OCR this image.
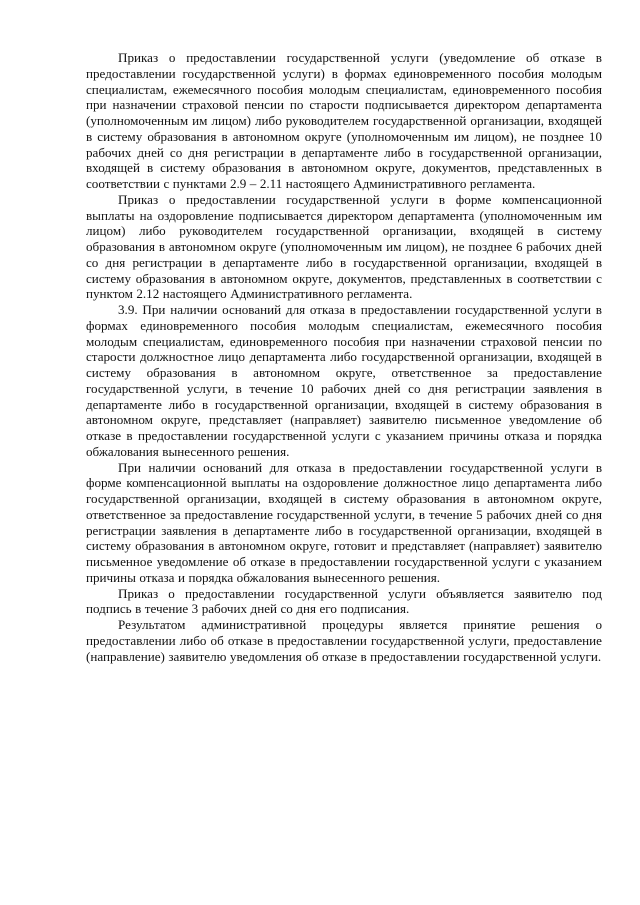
Приказ о предоставлении государственной услуги (уведомление об отказе в предоставлении государственной услуги) в формах единовременного пособия молодым специалистам, ежемесячного пособия молодым специалистам, единовременного пособия при назначении страховой пенсии по старости подписывается директором департамента (уполномоченным им лицом) либо руководителем государственной организации, входящей в систему образования в автономном округе (уполномоченным им лицом), не позднее 10 рабочих дней со дня регистрации в департаменте либо в государственной организации, входящей в систему образования в автономном округе, документов, представленных в соответствии с пунктами 2.9 – 2.11 настоящего Административного регламента.

Приказ о предоставлении государственной услуги в форме компенсационной выплаты на оздоровление подписывается директором департамента (уполномоченным им лицом) либо руководителем государственной организации, входящей в систему образования в автономном округе (уполномоченным им лицом), не позднее 6 рабочих дней со дня регистрации в департаменте либо в государственной организации, входящей в систему образования в автономном округе, документов, представленных в соответствии с пунктом 2.12 настоящего Административного регламента.

3.9. При наличии оснований для отказа в предоставлении государственной услуги в формах единовременного пособия молодым специалистам, ежемесячного пособия молодым специалистам, единовременного пособия при назначении страховой пенсии по старости должностное лицо департамента либо государственной организации, входящей в систему образования в автономном округе, ответственное за предоставление государственной услуги, в течение 10 рабочих дней со дня регистрации заявления в департаменте либо в государственной организации, входящей в систему образования в автономном округе, представляет (направляет) заявителю письменное уведомление об отказе в предоставлении государственной услуги с указанием причины отказа и порядка обжалования вынесенного решения.

При наличии оснований для отказа в предоставлении государственной услуги в форме компенсационной выплаты на оздоровление должностное лицо департамента либо государственной организации, входящей в систему образования в автономном округе, ответственное за предоставление государственной услуги, в течение 5 рабочих дней со дня регистрации заявления в департаменте либо в государственной организации, входящей в систему образования в автономном округе, готовит и представляет (направляет) заявителю письменное уведомление об отказе в предоставлении государственной услуги с указанием причины отказа и порядка обжалования вынесенного решения.

Приказ о предоставлении государственной услуги объявляется заявителю под подпись в течение 3 рабочих дней со дня его подписания.

Результатом административной процедуры является принятие решения о предоставлении либо об отказе в предоставлении государственной услуги, предоставление (направление) заявителю уведомления об отказе в предоставлении государственной услуги.
